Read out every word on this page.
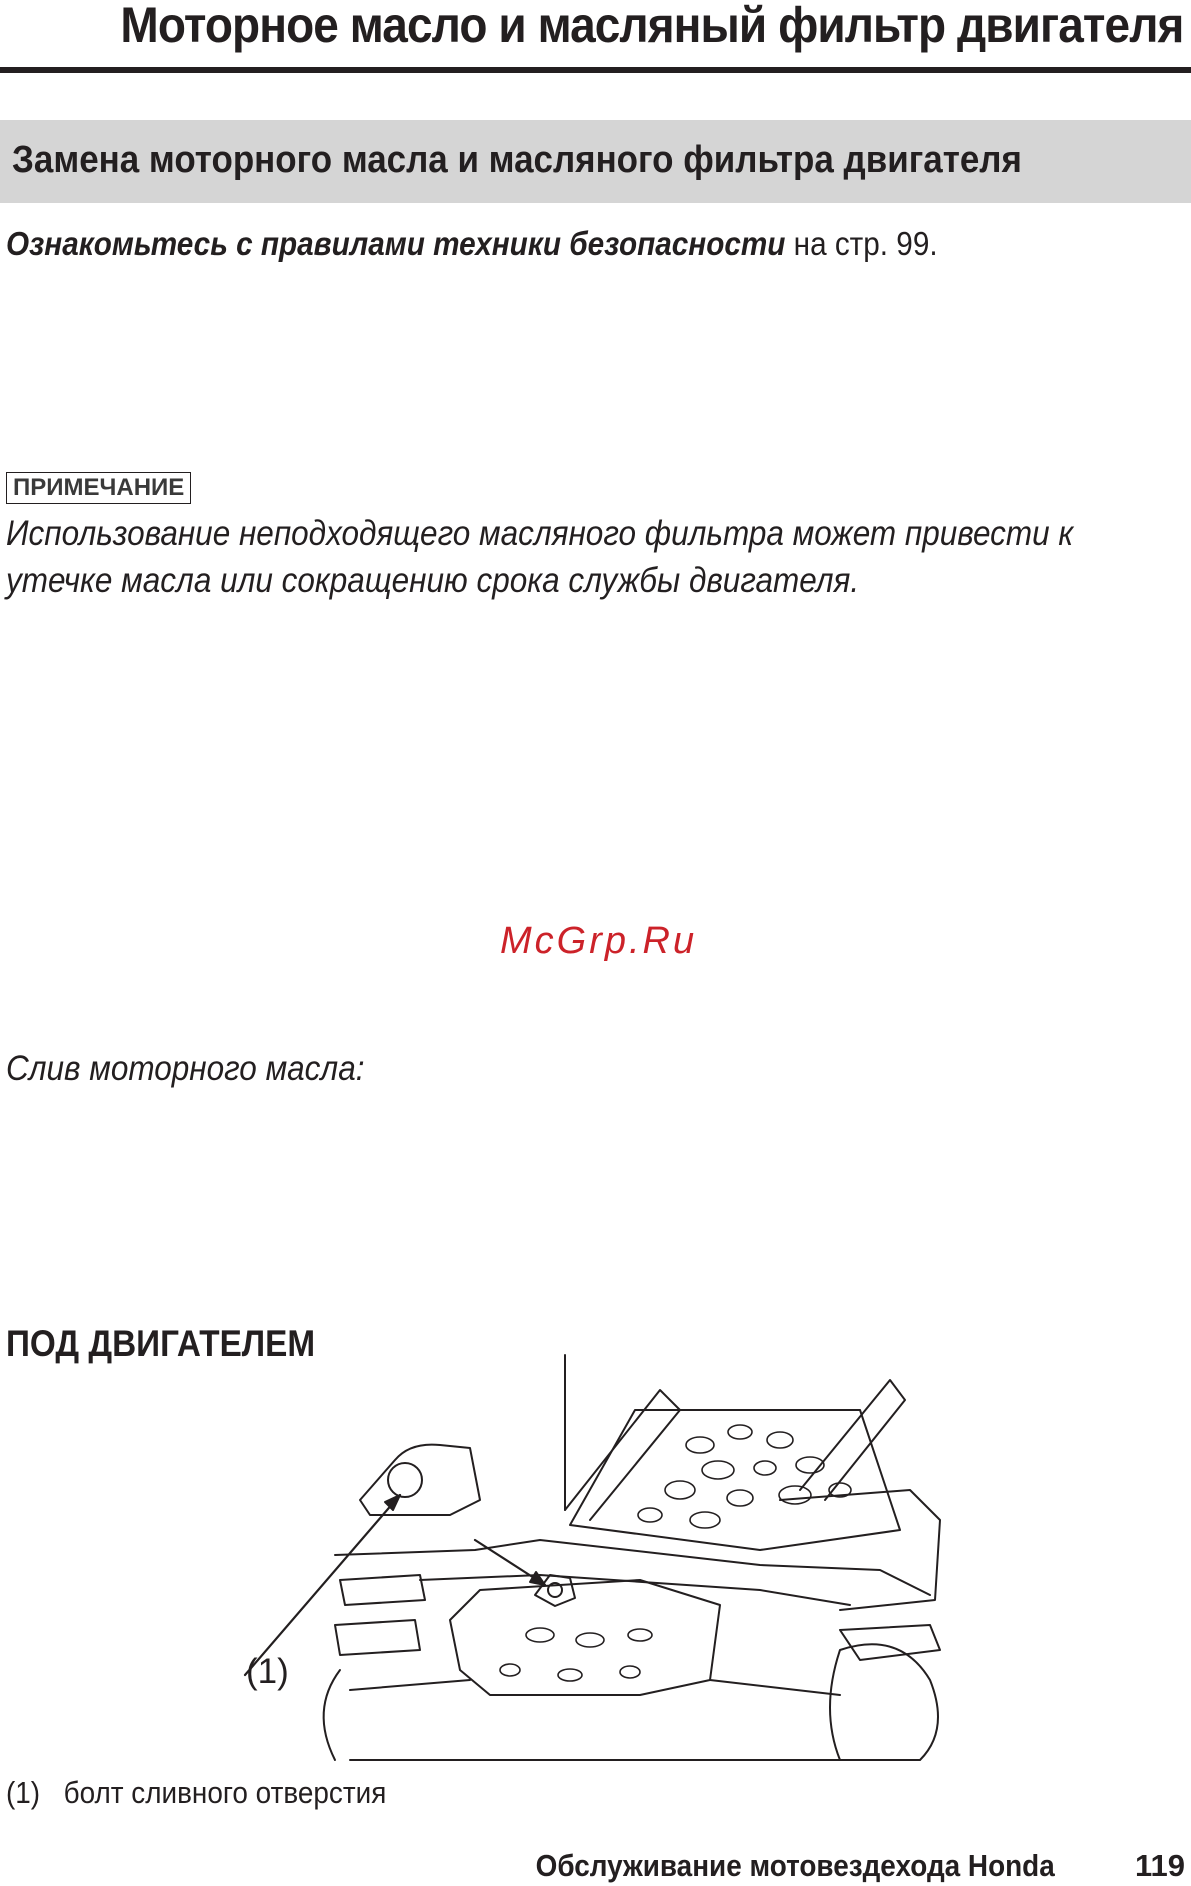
Моторное масло и масляный фильтр двигателя
Замена моторного масла и масляного фильтра двигателя
Ознакомьтесь с правилами техники безопасности на стр. 99.
ПРИМЕЧАНИЕ

Использование неподходящего масляного фильтра может привести к утечке масла или сокращению срока службы двигателя.

McGrp.Ru
Слив моторного масла:
ПОД ДВИГАТЕЛЕМ
(1)
(1) болт сливного отверстия
Обслуживание мотовездехода Honda	119
